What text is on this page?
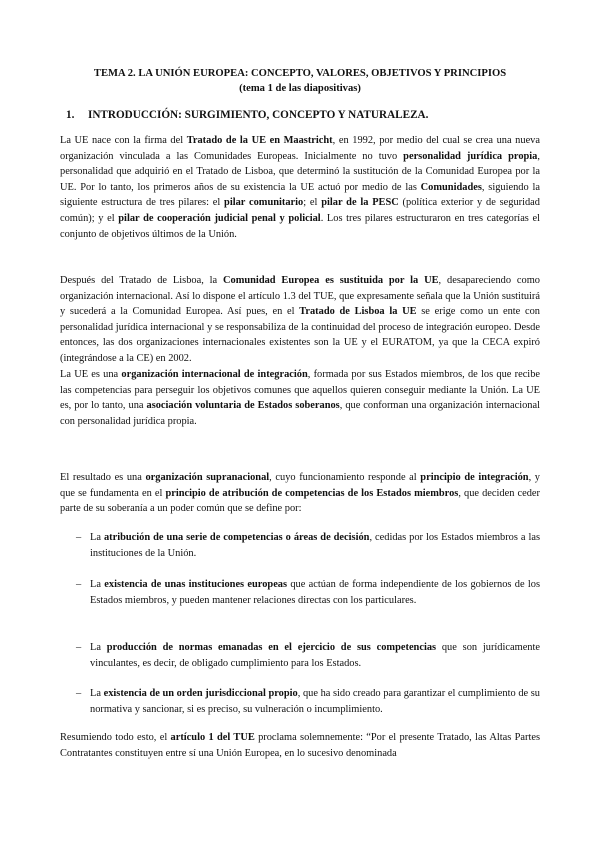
TEMA 2. LA UNIÓN EUROPEA: CONCEPTO, VALORES, OBJETIVOS Y PRINCIPIOS
(tema 1 de las diapositivas)
1. INTRODUCCIÓN: SURGIMIENTO, CONCEPTO Y NATURALEZA.

La UE nace con la firma del Tratado de la UE en Maastricht, en 1992, por medio del cual se crea una nueva organización vinculada a las Comunidades Europeas. Inicialmente no tuvo personalidad jurídica propia, personalidad que adquirió en el Tratado de Lisboa, que determinó la sustitución de la Comunidad Europea por la UE. Por lo tanto, los primeros años de su existencia la UE actuó por medio de las Comunidades, siguiendo la siguiente estructura de tres pilares: el pilar comunitario; el pilar de la PESC (política exterior y de seguridad común); y el pilar de cooperación judicial penal y policial. Los tres pilares estructuraron en tres categorías el conjunto de objetivos últimos de la Unión.

Después del Tratado de Lisboa, la Comunidad Europea es sustituida por la UE, desapareciendo como organización internacional. Así lo dispone el artículo 1.3 del TUE, que expresamente señala que la Unión sustituirá y sucederá a la Comunidad Europea. Así pues, en el Tratado de Lisboa la UE se erige como un ente con personalidad jurídica internacional y se responsabiliza de la continuidad del proceso de integración europeo. Desde entonces, las dos organizaciones internacionales existentes son la UE y el EURATOM, ya que la CECA expiró (integrándose a la CE) en 2002.

La UE es una organización internacional de integración, formada por sus Estados miembros, de los que recibe las competencias para perseguir los objetivos comunes que aquellos quieren conseguir mediante la Unión. La UE es, por lo tanto, una asociación voluntaria de Estados soberanos, que conforman una organización internacional con personalidad jurídica propia.

El resultado es una organización supranacional, cuyo funcionamiento responde al principio de integración, y que se fundamenta en el principio de atribución de competencias de los Estados miembros, que deciden ceder parte de su soberanía a un poder común que se define por:

– La atribución de una serie de competencias o áreas de decisión, cedidas por los Estados miembros a las instituciones de la Unión.

– La existencia de unas instituciones europeas que actúan de forma independiente de los gobiernos de los Estados miembros, y pueden mantener relaciones directas con los particulares.

– La producción de normas emanadas en el ejercicio de sus competencias que son jurídicamente vinculantes, es decir, de obligado cumplimiento para los Estados.

– La existencia de un orden jurisdiccional propio, que ha sido creado para garantizar el cumplimiento de su normativa y sancionar, si es preciso, su vulneración o incumplimiento.

Resumiendo todo esto, el artículo 1 del TUE proclama solemnemente: “Por el presente Tratado, las Altas Partes Contratantes constituyen entre sí una Unión Europea, en lo sucesivo denominada
